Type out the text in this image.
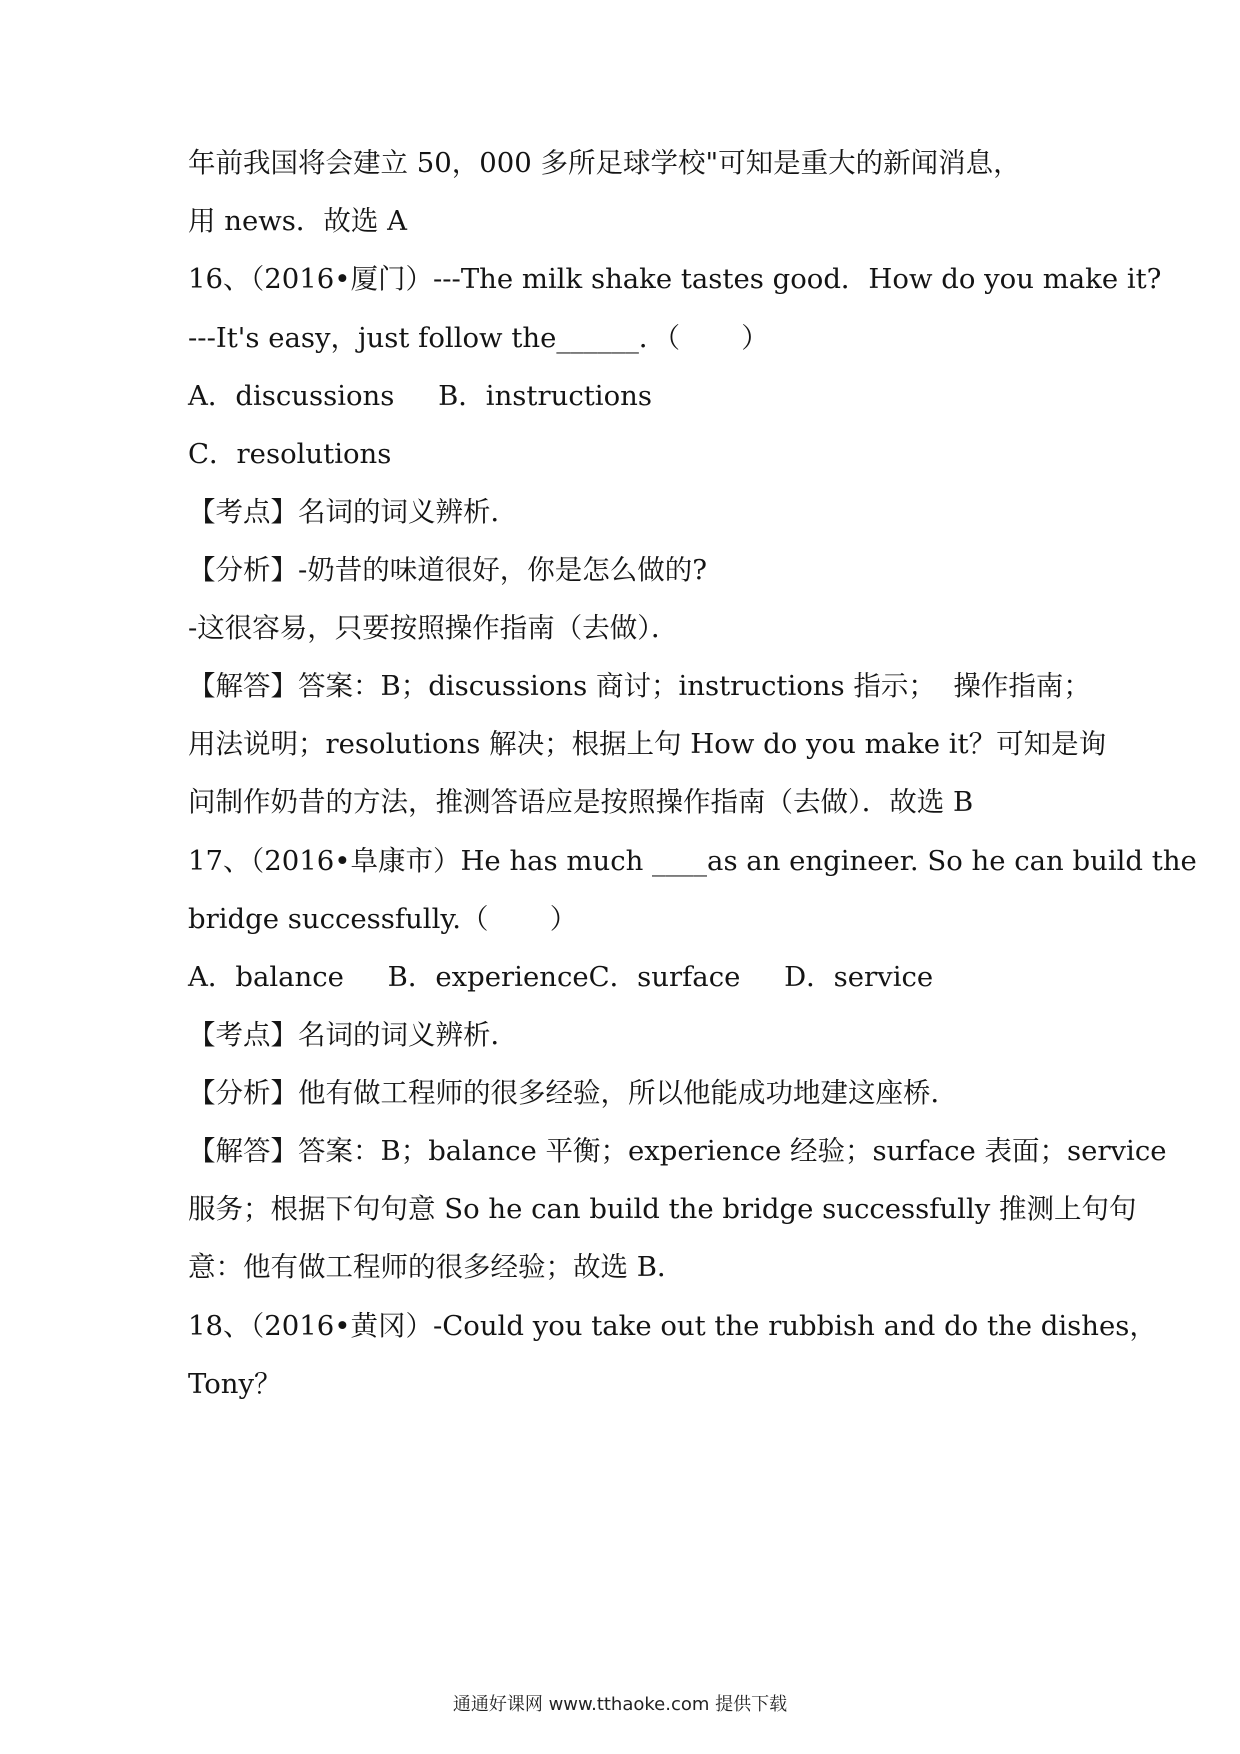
年前我国将会建立 50，000 多所足球学校"可知是重大的新闻消息，
用 news．故选 A
16、（2016•厦门）---The milk shake tastes good．How do you make it?
---It's easy，just follow the______．（       ）
A．discussions     B．instructions
C．resolutions
【考点】名词的词义辨析．
【分析】-奶昔的味道很好，你是怎么做的?
-这很容易，只要按照操作指南（去做）．
【解答】答案：B；discussions 商讨；instructions 指示；  操作指南；
用法说明；resolutions 解决；根据上句 How do you make it？可知是询
问制作奶昔的方法，推测答语应是按照操作指南（去做）．故选 B
17、（2016•阜康市）He has much ____as an engineer. So he can build the
bridge successfully.（       ）
A．balance     B．experienceC．surface     D．service
【考点】名词的词义辨析．
【分析】他有做工程师的很多经验，所以他能成功地建这座桥．
【解答】答案：B；balance 平衡；experience 经验；surface 表面；service
服务；根据下句句意 So he can build the bridge successfully 推测上句句
意：他有做工程师的很多经验；故选 B．
18、（2016•黄冈）-Could you take out the rubbish and do the dishes，
Tony？
通通好课网 www.tthaoke.com 提供下载
